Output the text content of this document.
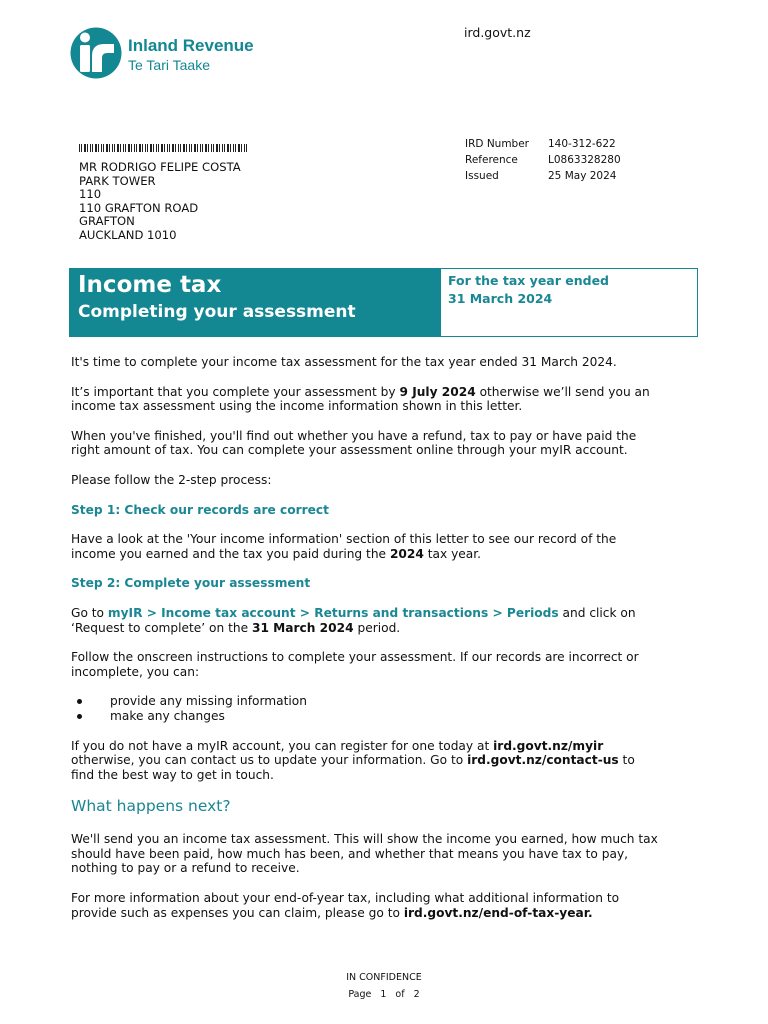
Inland Revenue
Te Tari Taake
ird.govt.nz
MR RODRIGO FELIPE COSTA
PARK TOWER
110
110 GRAFTON ROAD
GRAFTON
AUCKLAND 1010
IRD Number	140-312-622
Reference	L0863328280
Issued	25 May 2024
Income tax
Completing your assessment
For the tax year ended
31 March 2024
It's time to complete your income tax assessment for the tax year ended 31 March 2024.
It’s important that you complete your assessment by 9 July 2024 otherwise we’ll send you an
income tax assessment using the income information shown in this letter.
When you've finished, you'll find out whether you have a refund, tax to pay or have paid the
right amount of tax. You can complete your assessment online through your myIR account.
Please follow the 2-step process:
Step 1: Check our records are correct
Have a look at the 'Your income information' section of this letter to see our record of the
income you earned and the tax you paid during the 2024 tax year.
Step 2: Complete your assessment
Go to myIR > Income tax account > Returns and transactions > Periods and click on
‘Request to complete’ on the 31 March 2024 period.
Follow the onscreen instructions to complete your assessment. If our records are incorrect or
incomplete, you can:
provide any missing information
make any changes
If you do not have a myIR account, you can register for one today at ird.govt.nz/myir
otherwise, you can contact us to update your information. Go to ird.govt.nz/contact-us to
find the best way to get in touch.
What happens next?
We'll send you an income tax assessment. This will show the income you earned, how much tax
should have been paid, how much has been, and whether that means you have tax to pay,
nothing to pay or a refund to receive.
For more information about your end-of-year tax, including what additional information to
provide such as expenses you can claim, please go to ird.govt.nz/end-of-tax-year.
IN CONFIDENCE
Page 1 of 2
